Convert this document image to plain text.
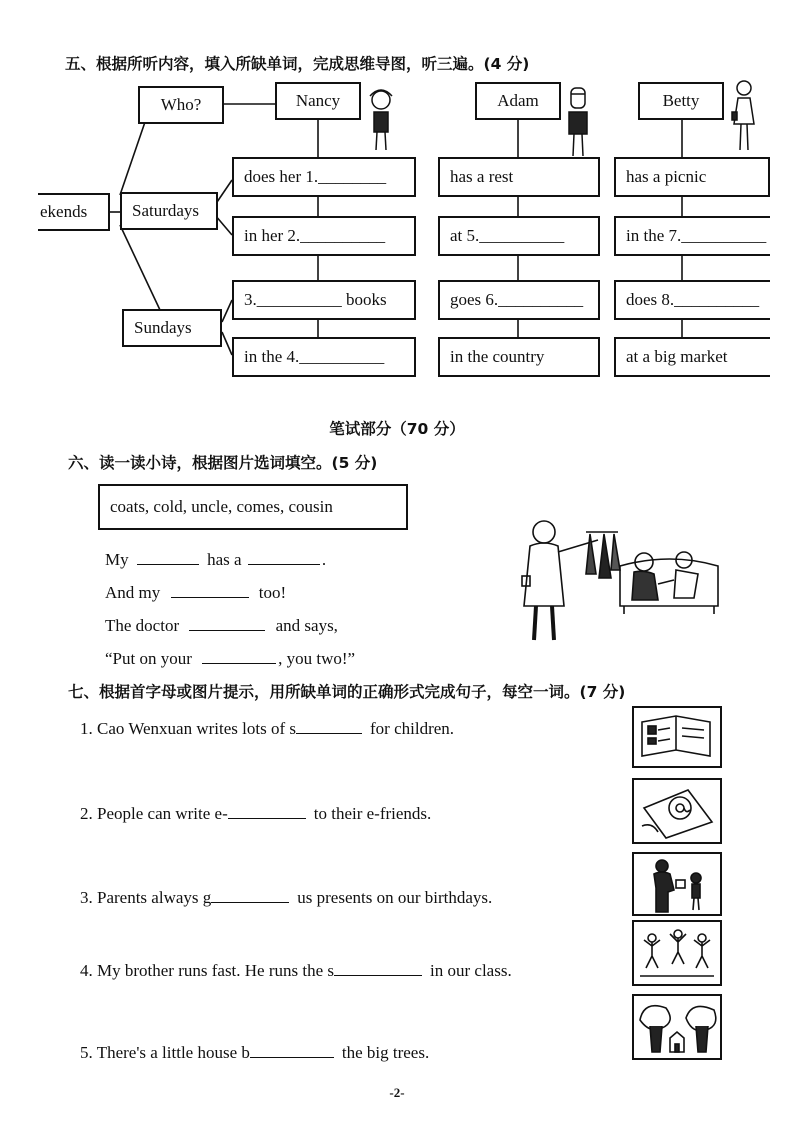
五、根据所听内容，填入所缺单词，完成思维导图，听三遍。(4 分)
ekends
Who?
Saturdays
Sundays
Nancy
does her 1.________
in her 2.__________
3.__________ books
in the 4.__________
Adam
has a rest
at 5.__________
goes 6.__________
in the country
Betty
has a picnic
in the 7.__________
does 8.__________
at a big market
笔试部分（70 分）
六、读一读小诗，根据图片选词填空。(5 分)
coats, cold, uncle, comes, cousin
My	has a	.
And my	too!
The doctor	and says,
“Put on your	, you two!”
七、根据首字母或图片提示，用所缺单词的正确形式完成句子，每空一词。(7 分)
1. Cao Wenxuan writes lots of s	for children.
2. People can write e-	to their e-friends.
3. Parents always g	us presents on our birthdays.
4. My brother runs fast. He runs the s	in our class.
5. There's a little house b	the big trees.
-2-
